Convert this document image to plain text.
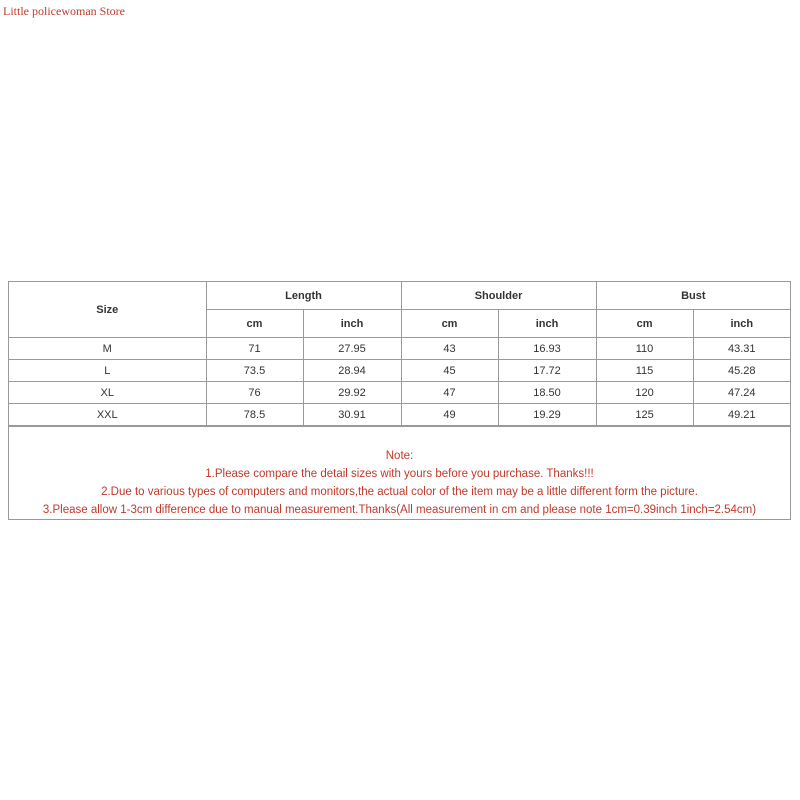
Little policewoman Store
Size	Length		Shoulder		Bust	
	cm	inch	cm	inch	cm	inch
M	71	27.95	43	16.93	110	43.31
L	73.5	28.94	45	17.72	115	45.28
XL	76	29.92	47	18.50	120	47.24
XXL	78.5	30.91	49	19.29	125	49.21
Note:
1.Please compare the detail sizes with yours before you purchase. Thanks!!!
2.Due to various types of computers and monitors,the actual color of the item may be a little different form the picture.
3.Please allow 1-3cm difference due to manual measurement.Thanks(All measurement in cm and please note 1cm=0.39inch 1inch=2.54cm)
